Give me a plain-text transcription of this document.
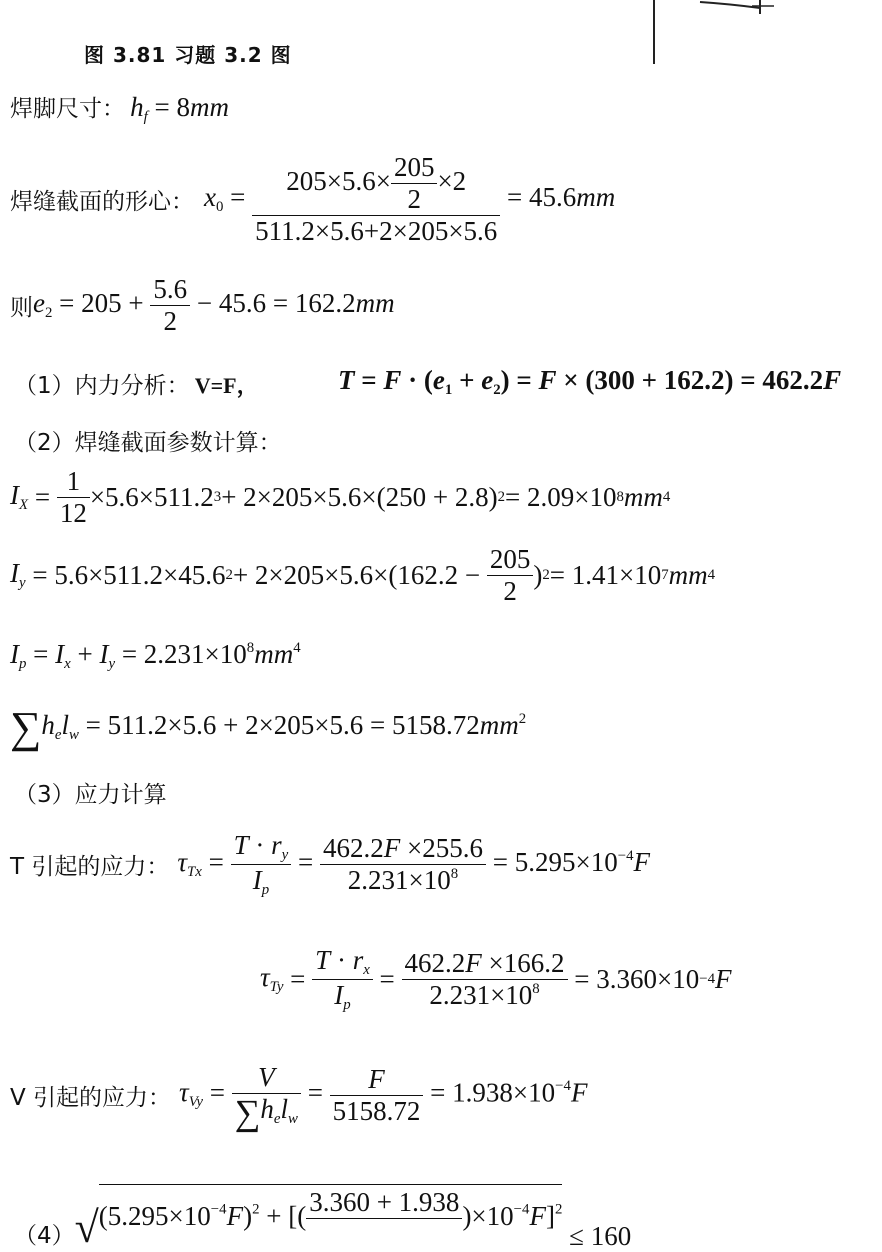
图 3.81 习题 3.2 图
焊脚尺寸： $h_f = 8mm$
焊缝截面的形心： $x_0 = \frac{205\times 5.6\times \frac{205}{2} \times 2}{511.2\times 5.6+2\times 205\times 5.6} = 45.6mm$
则 $e_2 = 205 + \frac{5.6}{2} - 45.6 = 162.2mm$
（1）内力分析： V=F，	$T = F \cdot (e_1 + e_2) = F \times (300 + 162.2) = 462.2F$
（2）焊缝截面参数计算：
$I_X = \frac{1}{12} \times 5.6\times 511.2$ 3 + 2×205×5.6×(250 + 2.8) 2 = 2.09×10 8 mm 4
$I_y = 5.6\times 511.2\times 45.6$ $2 + 2\times 205\times 5.6\times(162.2 - \frac{205}{2}$ ) 2 = 1.41×10 7 mm 4
$I_p = I_x + I_y = 2.231\times 10^8mm^4$
$\sum h_el_w = 511.2\times 5.6 + 2\times 205\times 5.6 = 5158.72mm^2$
（3）应力计算
T 引起的应力： $\tau_{Tx} = \frac{T \cdot r_y}{I_p} = \frac{462.2F \times 255.6}{2.231\times 10^8} = 5.295\times 10^{-4}F$
$\tau_{Ty} = \frac{T \cdot r_x}{I_p} = \frac{462.2F \times 166.2}{2.231\times 10^8} = 3.360\times 10 -4$ F
V 引起的应力： $\tau_{Vy} = \frac{V}{\sum h_el_w} = \frac{F}{5158.72} = 1.938\times 10^{-4}F$
（4） √ $(5.295\times 10^{-4}F)^2$ + [( 3.360 + 1.938
)$\times 10^{-4}F]^2$
≤ 160
